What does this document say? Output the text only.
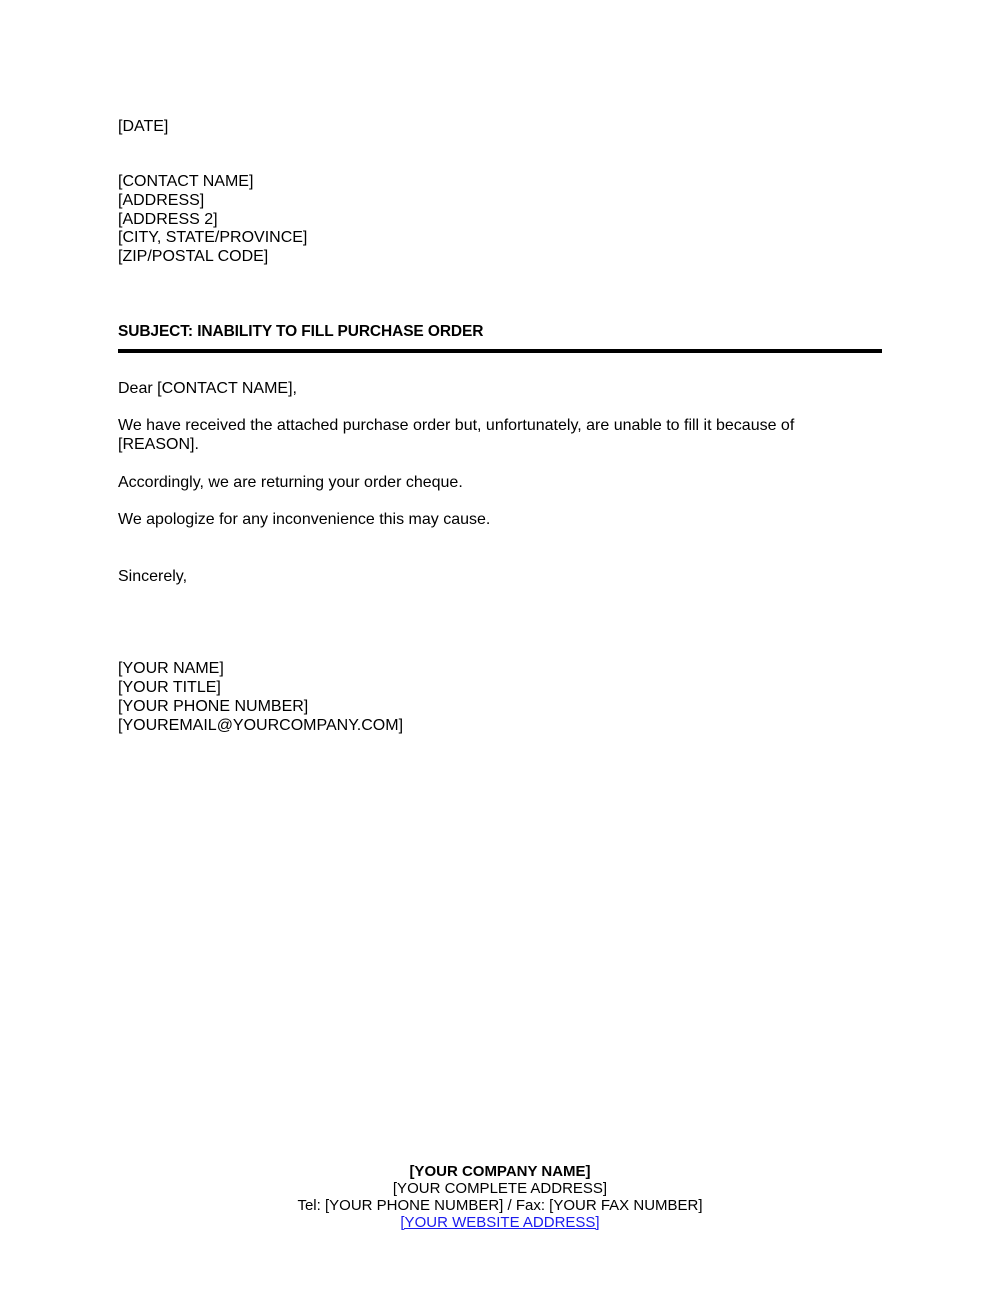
[DATE]
[CONTACT NAME]
[ADDRESS]
[ADDRESS 2]
[CITY, STATE/PROVINCE]
[ZIP/POSTAL CODE]
SUBJECT: INABILITY TO FILL PURCHASE ORDER
Dear [CONTACT NAME],
We have received the attached purchase order but, unfortunately, are unable to fill it because of [REASON].
Accordingly, we are returning your order cheque.
We apologize for any inconvenience this may cause.
Sincerely,
[YOUR NAME]
[YOUR TITLE]
[YOUR PHONE NUMBER]
[YOUREMAIL@YOURCOMPANY.COM]
[YOUR COMPANY NAME]
[YOUR COMPLETE ADDRESS]
Tel: [YOUR PHONE NUMBER] / Fax: [YOUR FAX NUMBER]
[YOUR WEBSITE ADDRESS]
